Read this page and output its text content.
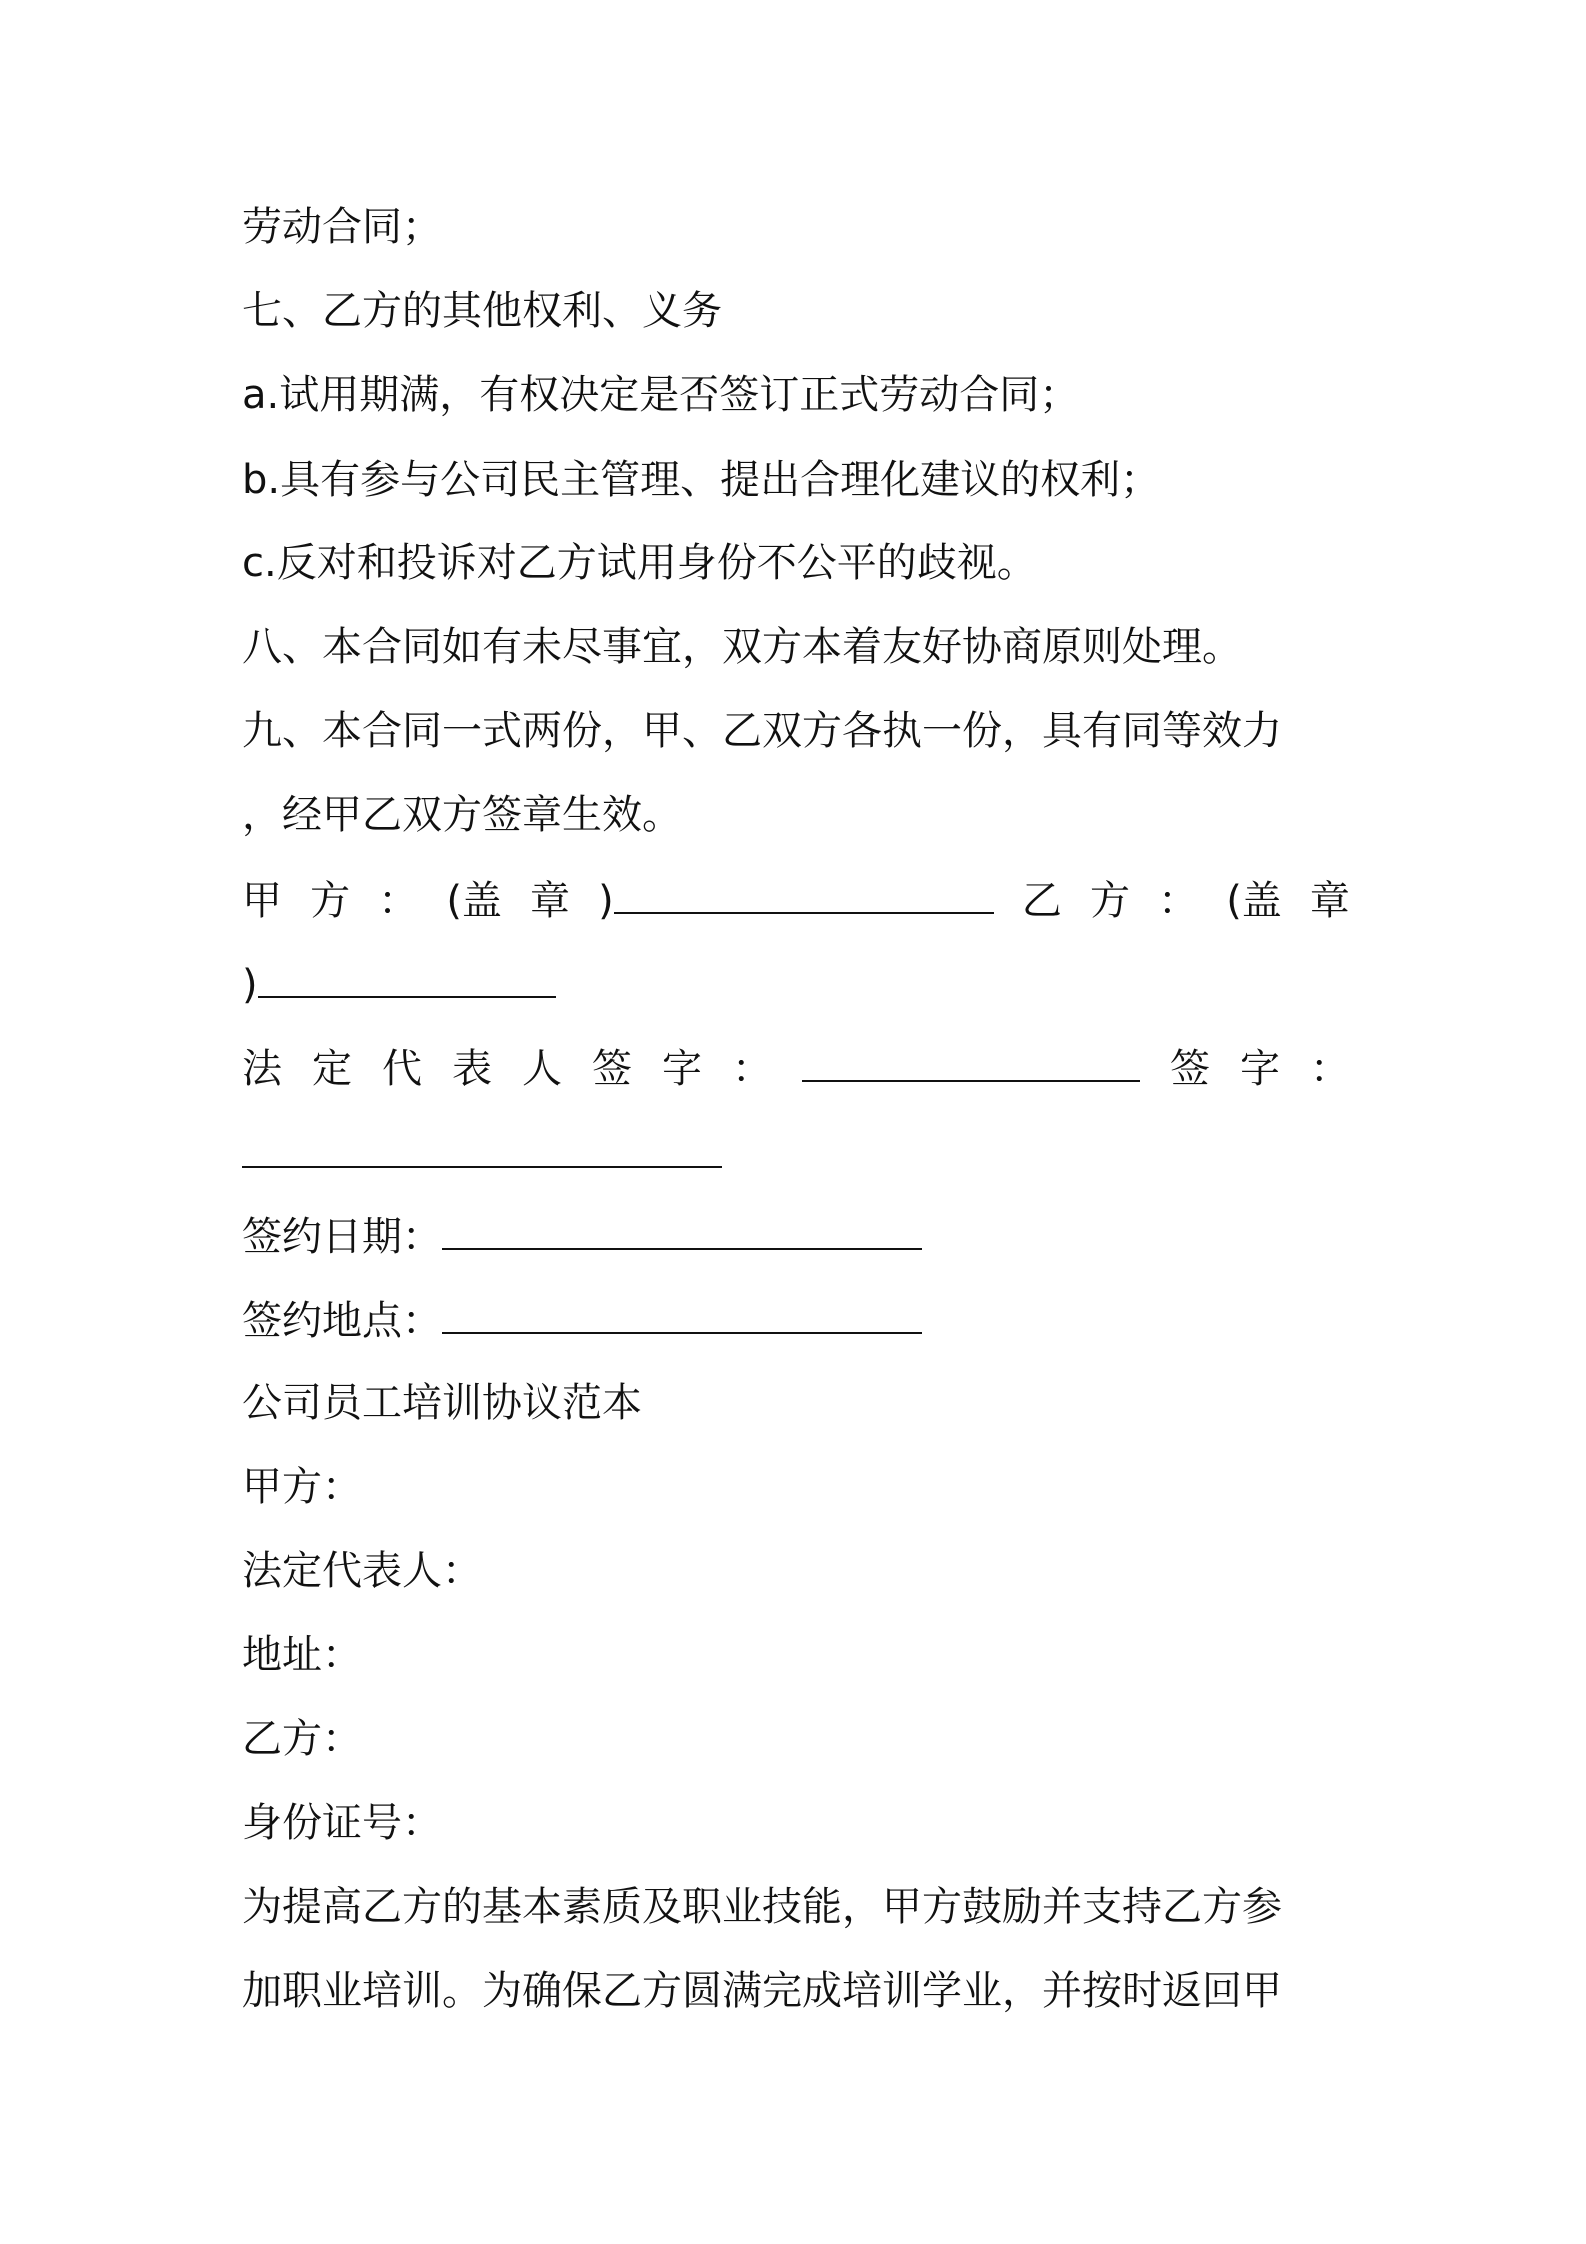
劳动合同；
七、乙方的其他权利、义务
a.试用期满，有权决定是否签订正式劳动合同；
b.具有参与公司民主管理、提出合理化建议的权利；
c.反对和投诉对乙方试用身份不公平的歧视。
八、本合同如有未尽事宜，双方本着友好协商原则处理。
九、本合同一式两份，甲、乙双方各执一份，具有同等效力
，经甲乙双方签章生效。
甲 方 ： (盖 章 )	乙 方 ： (盖 章
)
法 定 代 表 人 签 字 ：	签 字 ：
签约日期：
签约地点：
公司员工培训协议范本
甲方：
法定代表人：
地址：
乙方：
身份证号：
为提高乙方的基本素质及职业技能，甲方鼓励并支持乙方参
加职业培训。为确保乙方圆满完成培训学业，并按时返回甲
